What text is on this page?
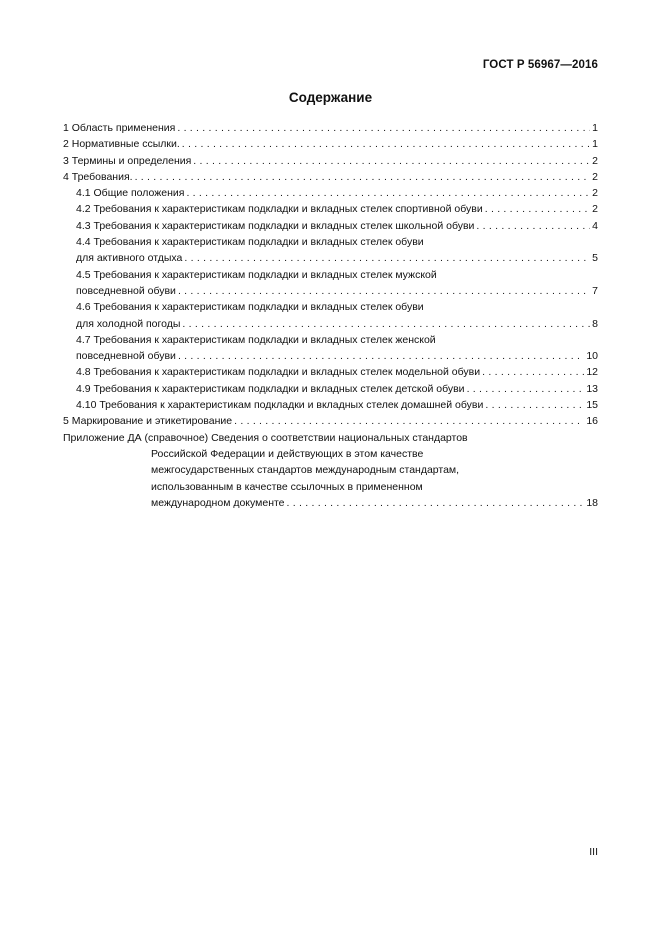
ГОСТ Р 56967—2016
Содержание
1 Область применения . . .	1
2 Нормативные ссылки. . . .	1
3 Термины и определения . . .	2
4 Требования. . . .	2
4.1 Общие положения . . .	2
4.2 Требования к характеристикам подкладки и вкладных стелек спортивной обуви . . .	2
4.3 Требования к характеристикам подкладки и вкладных стелек школьной обуви . . .	4
4.4 Требования к характеристикам подкладки и вкладных стелек обуви
для активного отдыха . . .	5
4.5 Требования к характеристикам подкладки и вкладных стелек мужской
повседневной обуви . . .	7
4.6 Требования к характеристикам подкладки и вкладных стелек обуви
для холодной погоды . . .	8
4.7 Требования к характеристикам подкладки и вкладных стелек женской
повседневной обуви . . .	10
4.8 Требования к характеристикам подкладки и вкладных стелек модельной обуви . . .	12
4.9 Требования к характеристикам подкладки и вкладных стелек детской обуви . . .	13
4.10 Требования к характеристикам подкладки и вкладных стелек домашней обуви . . .	15
5 Маркирование и этикетирование . . .	16
Приложение ДА (справочное) Сведения о соответствии национальных стандартов
Российской Федерации и действующих в этом качестве
межгосударственных стандартов международным стандартам,
использованным в качестве ссылочных в примененном
международном документе . . .	18
III
